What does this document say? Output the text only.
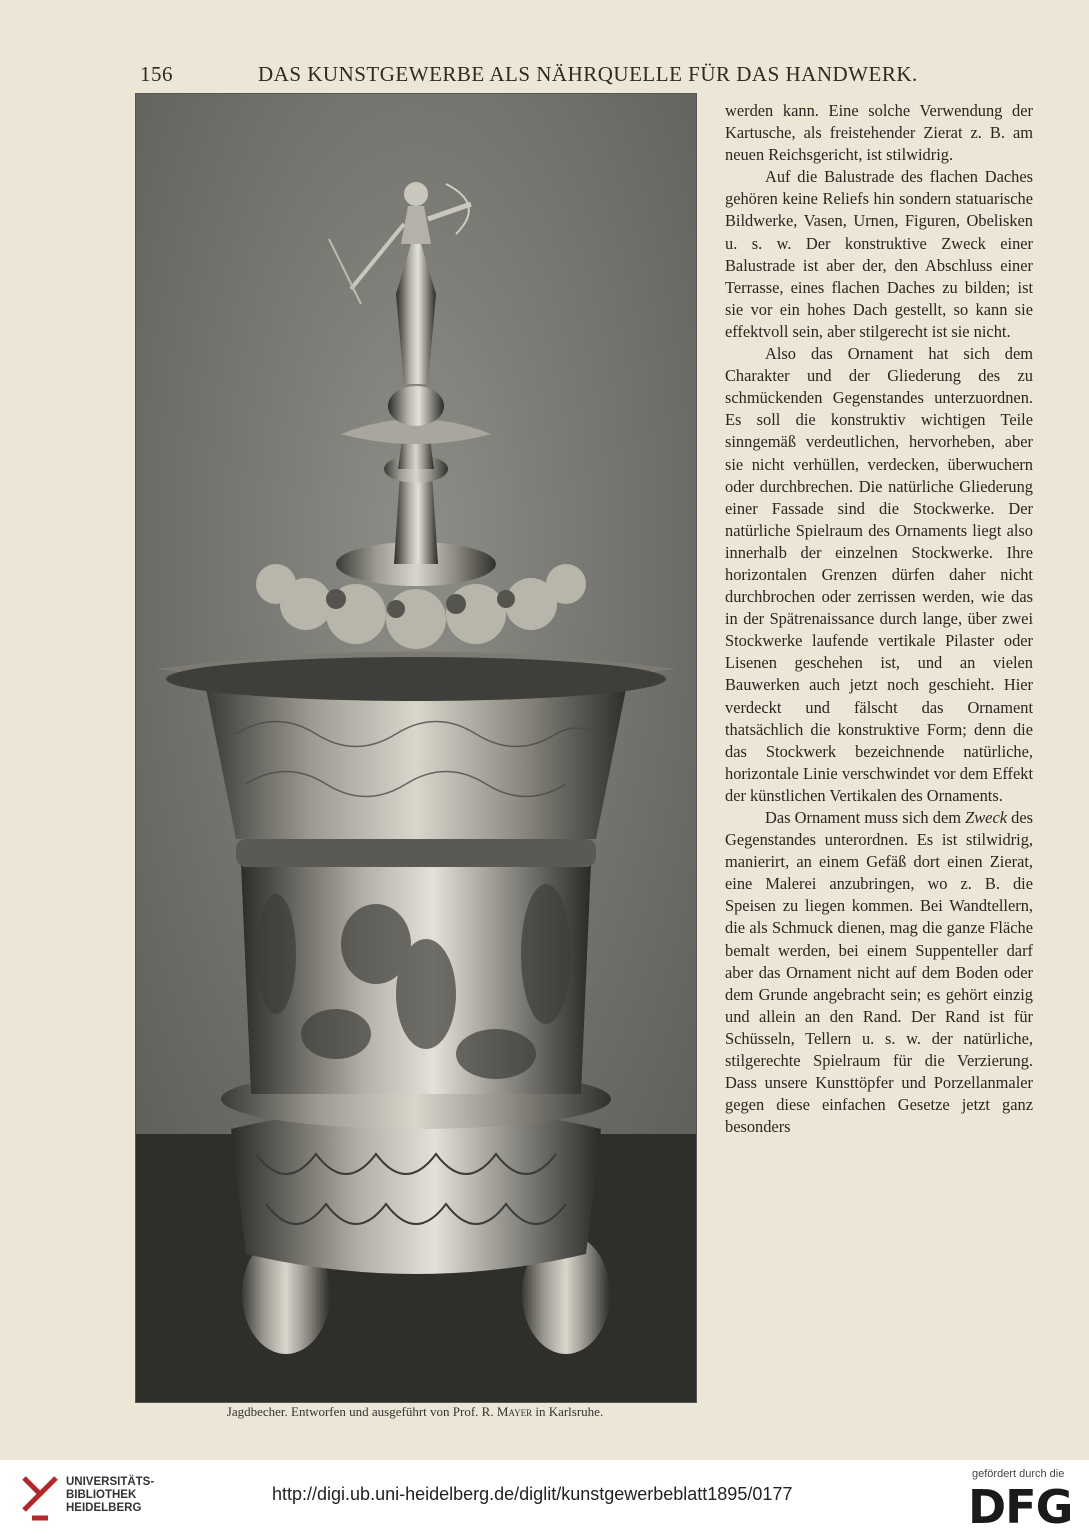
156	DAS KUNSTGEWERBE ALS NÄHRQUELLE FÜR DAS HANDWERK.
Jagdbecher. Entworfen und ausgeführt von Prof. R. Mayer in Karlsruhe.

werden kann. Eine solche Verwendung der Kartusche, als freistehender Zierat z. B. am neuen Reichsgericht, ist stilwidrig.

Auf die Balustrade des flachen Daches gehören keine Reliefs hin sondern statuarische Bildwerke, Vasen, Urnen, Figuren, Obelisken u. s. w. Der konstruktive Zweck einer Balustrade ist aber der, den Abschluss einer Terrasse, eines flachen Daches zu bilden; ist sie vor ein hohes Dach gestellt, so kann sie effektvoll sein, aber stilgerecht ist sie nicht.

Also das Ornament hat sich dem Charakter und der Gliederung des zu schmückenden Gegenstandes unterzuordnen. Es soll die konstruktiv wichtigen Teile sinngemäß verdeutlichen, hervorheben, aber sie nicht verhüllen, verdecken, überwuchern oder durchbrechen. Die natürliche Gliederung einer Fassade sind die Stockwerke. Der natürliche Spielraum des Ornaments liegt also innerhalb der einzelnen Stockwerke. Ihre horizontalen Grenzen dürfen daher nicht durchbrochen oder zerrissen werden, wie das in der Spätrenaissance durch lange, über zwei Stockwerke laufende vertikale Pilaster oder Lisenen geschehen ist, und an vielen Bauwerken auch jetzt noch geschieht. Hier verdeckt und fälscht das Ornament thatsächlich die konstruktive Form; denn die das Stockwerk bezeichnende natürliche, horizontale Linie verschwindet vor dem Effekt der künstlichen Vertikalen des Ornaments.

Das Ornament muss sich dem Zweck des Gegenstandes unterordnen. Es ist stilwidrig, manierirt, an einem Gefäß dort einen Zierat, eine Malerei anzubringen, wo z. B. die Speisen zu liegen kommen. Bei Wandtellern, die als Schmuck dienen, mag die ganze Fläche bemalt werden, bei einem Suppenteller darf aber das Ornament nicht auf dem Boden oder dem Grunde angebracht sein; es gehört einzig und allein an den Rand. Der Rand ist für Schüsseln, Tellern u. s. w. der natürliche, stilgerechte Spielraum für die Verzierung. Dass unsere Kunsttöpfer und Porzellanmaler gegen diese einfachen Gesetze jetzt ganz besonders

UNIVERSITÄTS-
BIBLIOTHEK
HEIDELBERG
http://digi.ub.uni-heidelberg.de/diglit/kunstgewerbeblatt1895/0177
gefördert durch die
DFG
